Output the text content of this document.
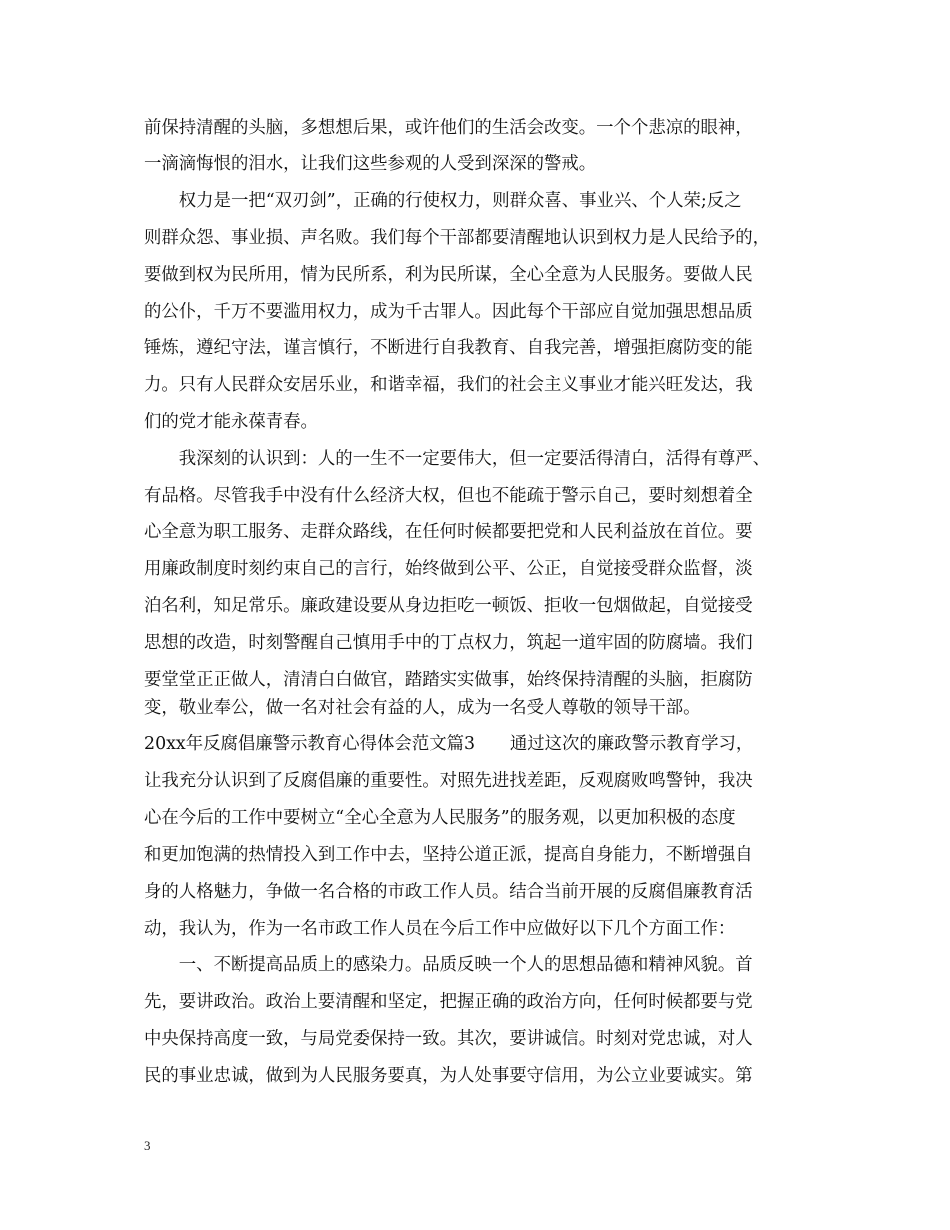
前保持清醒的头脑，多想想后果，或许他们的生活会改变。一个个悲凉的眼神，
一滴滴悔恨的泪水，让我们这些参观的人受到深深的警戒。
　　权力是一把“双刃剑”，正确的行使权力，则群众喜、事业兴、个人荣;反之
则群众怨、事业损、声名败。我们每个干部都要清醒地认识到权力是人民给予的，
要做到权为民所用，情为民所系，利为民所谋，全心全意为人民服务。要做人民
的公仆，千万不要滥用权力，成为千古罪人。因此每个干部应自觉加强思想品质
锤炼，遵纪守法，谨言慎行，不断进行自我教育、自我完善，增强拒腐防变的能
力。只有人民群众安居乐业，和谐幸福，我们的社会主义事业才能兴旺发达，我
们的党才能永葆青春。
　　我深刻的认识到：人的一生不一定要伟大，但一定要活得清白，活得有尊严、
有品格。尽管我手中没有什么经济大权，但也不能疏于警示自己，要时刻想着全
心全意为职工服务、走群众路线，在任何时候都要把党和人民利益放在首位。要
用廉政制度时刻约束自己的言行，始终做到公平、公正，自觉接受群众监督，淡
泊名利，知足常乐。廉政建设要从身边拒吃一顿饭、拒收一包烟做起，自觉接受
思想的改造，时刻警醒自己慎用手中的丁点权力，筑起一道牢固的防腐墙。我们
要堂堂正正做人，清清白白做官，踏踏实实做事，始终保持清醒的头脑，拒腐防
变，敬业奉公，做一名对社会有益的人，成为一名受人尊敬的领导干部。
20xx年反腐倡廉警示教育心得体会范文篇3　　通过这次的廉政警示教育学习，
让我充分认识到了反腐倡廉的重要性。对照先进找差距，反观腐败鸣警钟，我决
心在今后的工作中要树立“全心全意为人民服务”的服务观，以更加积极的态度
和更加饱满的热情投入到工作中去，坚持公道正派，提高自身能力，不断增强自
身的人格魅力，争做一名合格的市政工作人员。结合当前开展的反腐倡廉教育活
动，我认为，作为一名市政工作人员在今后工作中应做好以下几个方面工作：
　　一、不断提高品质上的感染力。品质反映一个人的思想品德和精神风貌。首
先，要讲政治。政治上要清醒和坚定，把握正确的政治方向，任何时候都要与党
中央保持高度一致，与局党委保持一致。其次，要讲诚信。时刻对党忠诚，对人
民的事业忠诚，做到为人民服务要真，为人处事要守信用，为公立业要诚实。第
3
